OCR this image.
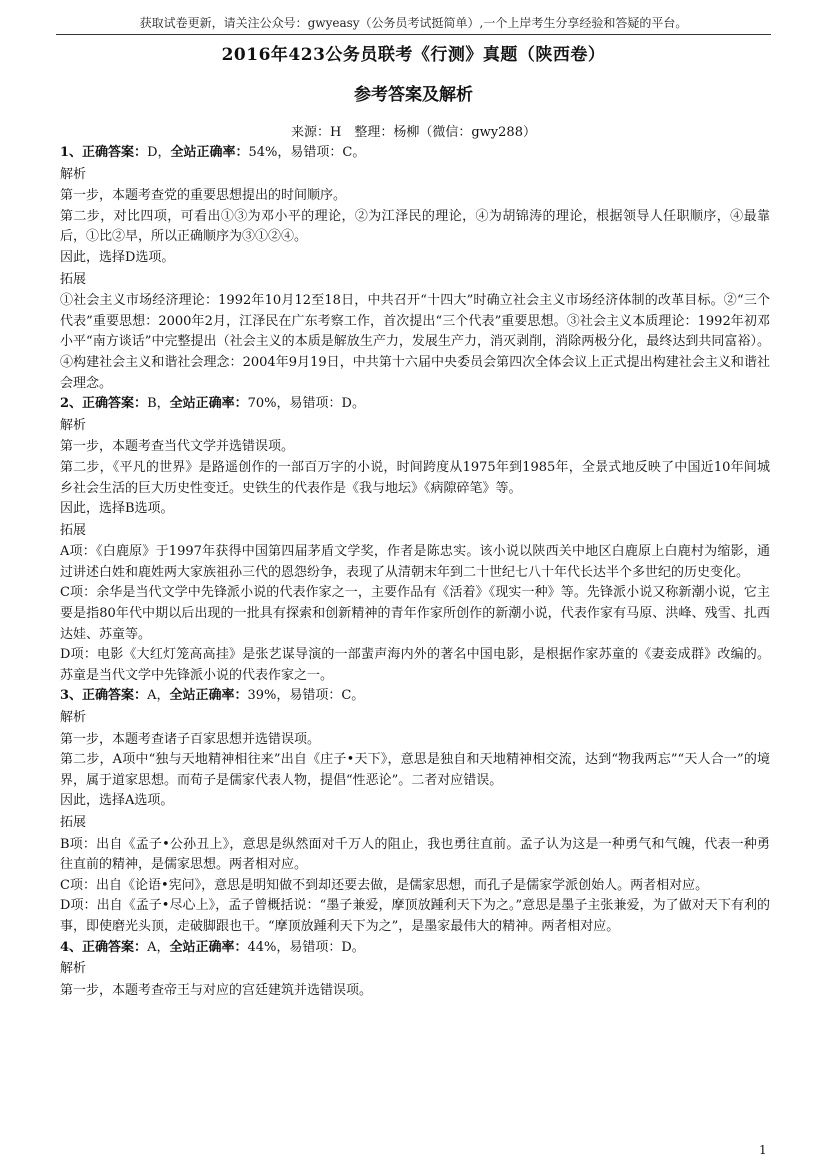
获取试卷更新，请关注公众号：gwyeasy（公务员考试挺简单）,一个上岸考生分享经验和答疑的平台。
2016年423公务员联考《行测》真题（陕西卷）
参考答案及解析
来源：H　整理：杨柳（微信：gwy288）

1、正确答案：D，全站正确率：54%，易错项：C。

解析

第一步，本题考查党的重要思想提出的时间顺序。

第二步，对比四项，可看出①③为邓小平的理论，②为江泽民的理论，④为胡锦涛的理论，根据领导人任职顺序，④最靠后，①比②早，所以正确顺序为③①②④。

因此，选择D选项。

拓展

①社会主义市场经济理论：1992年10月12至18日，中共召开“十四大”时确立社会主义市场经济体制的改革目标。②“三个代表”重要思想：2000年2月，江泽民在广东考察工作，首次提出“三个代表”重要思想。③社会主义本质理论：1992年初邓小平“南方谈话”中完整提出（社会主义的本质是解放生产力，发展生产力，消灭剥削，消除两极分化，最终达到共同富裕）。④构建社会主义和谐社会理念：2004年9月19日，中共第十六届中央委员会第四次全体会议上正式提出构建社会主义和谐社会理念。

2、正确答案：B，全站正确率：70%，易错项：D。

解析

第一步，本题考查当代文学并选错误项。

第二步，《平凡的世界》是路遥创作的一部百万字的小说，时间跨度从1975年到1985年，全景式地反映了中国近10年间城乡社会生活的巨大历史性变迁。史铁生的代表作是《我与地坛》《病隙碎笔》等。

因此，选择B选项。

拓展

A项：《白鹿原》于1997年获得中国第四届茅盾文学奖，作者是陈忠实。该小说以陕西关中地区白鹿原上白鹿村为缩影，通过讲述白姓和鹿姓两大家族祖孙三代的恩怨纷争，表现了从清朝末年到二十世纪七八十年代长达半个多世纪的历史变化。

C项：余华是当代文学中先锋派小说的代表作家之一，主要作品有《活着》《现实一种》等。先锋派小说又称新潮小说，它主要是指80年代中期以后出现的一批具有探索和创新精神的青年作家所创作的新潮小说，代表作家有马原、洪峰、残雪、扎西达娃、苏童等。

D项：电影《大红灯笼高高挂》是张艺谋导演的一部蜚声海内外的著名中国电影，是根据作家苏童的《妻妾成群》改编的。苏童是当代文学中先锋派小说的代表作家之一。

3、正确答案：A，全站正确率：39%，易错项：C。

解析

第一步，本题考查诸子百家思想并选错误项。

第二步，A项中“独与天地精神相往来”出自《庄子•天下》，意思是独自和天地精神相交流，达到“物我两忘”“天人合一”的境界，属于道家思想。而荀子是儒家代表人物，提倡“性恶论”。二者对应错误。

因此，选择A选项。

拓展

B项：出自《孟子•公孙丑上》，意思是纵然面对千万人的阻止，我也勇往直前。孟子认为这是一种勇气和气魄，代表一种勇往直前的精神，是儒家思想。两者相对应。

C项：出自《论语•宪问》，意思是明知做不到却还要去做，是儒家思想，而孔子是儒家学派创始人。两者相对应。

D项：出自《孟子•尽心上》，孟子曾概括说：“墨子兼爱，摩顶放踵利天下为之。”意思是墨子主张兼爱，为了做对天下有利的事，即使磨光头顶，走破脚跟也干。“摩顶放踵利天下为之”，是墨家最伟大的精神。两者相对应。

4、正确答案：A，全站正确率：44%，易错项：D。

解析

第一步，本题考查帝王与对应的宫廷建筑并选错误项。

1
